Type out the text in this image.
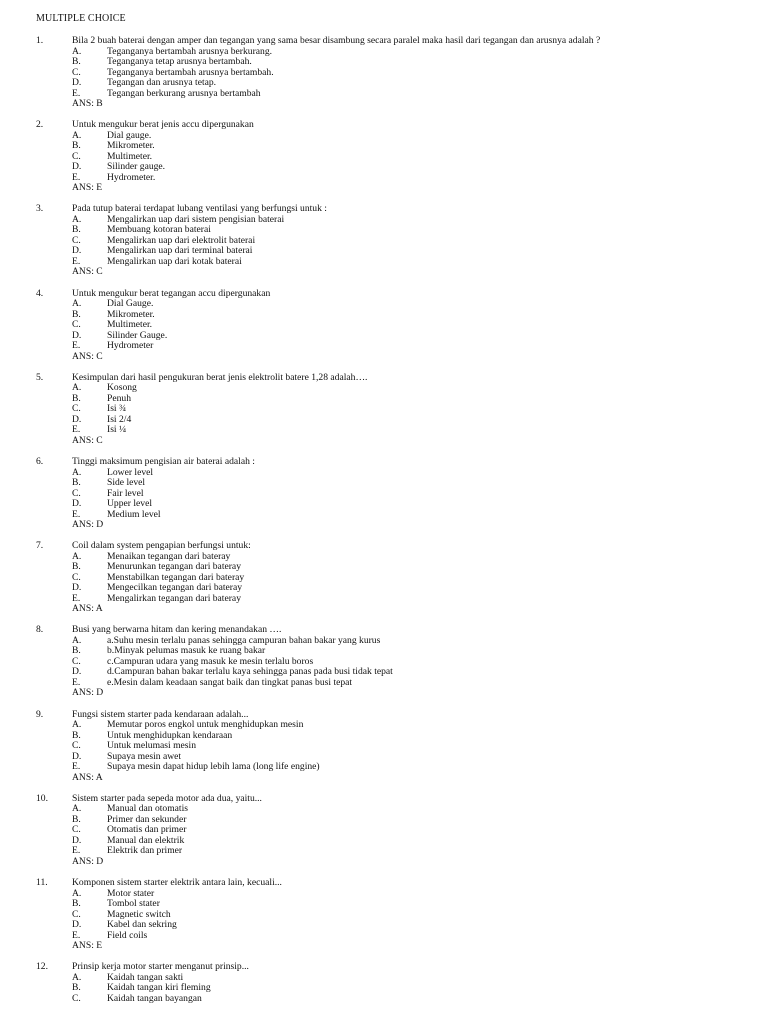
MULTIPLE CHOICE
1.	Bila 2 buah baterai dengan amper dan tegangan yang sama besar disambung secara paralel maka hasil dari tegangan dan arusnya adalah ?
A.	Teganganya bertambah arusnya berkurang.
B.	Teganganya tetap arusnya bertambah.
C.	Teganganya bertambah arusnya bertambah.
D.	Tegangan dan arusnya tetap.
E.	Tegangan berkurang arusnya bertambah
ANS: B
2.	Untuk mengukur berat jenis accu dipergunakan
A.	Dial gauge.
B.	Mikrometer.
C.	Multimeter.
D.	Silinder gauge.
E.	Hydrometer.
ANS: E
3.	Pada tutup baterai terdapat lubang ventilasi yang berfungsi untuk :
A.	Mengalirkan uap dari sistem pengisian baterai
B.	Membuang kotoran baterai
C.	Mengalirkan uap dari elektrolit baterai
D.	Mengalirkan uap dari terminal baterai
E.	Mengalirkan uap dari kotak baterai
ANS: C
4.	Untuk mengukur berat tegangan accu dipergunakan
A.	Dial Gauge.
B.	Mikrometer.
C.	Multimeter.
D.	Silinder Gauge.
E.	Hydrometer
ANS: C
5.	Kesimpulan dari hasil pengukuran berat jenis elektrolit batere 1,28 adalah….
A.	Kosong
B.	Penuh
C.	Isi ¾
D.	Isi 2/4
E.	Isi ¼
ANS: C
6.	Tinggi maksimum pengisian air baterai adalah :
A.	Lower level
B.	Side level
C.	Fair level
D.	Upper level
E.	Medium level
ANS: D
7.	Coil dalam system pengapian berfungsi untuk:
A.	Menaikan tegangan dari bateray
B.	Menurunkan tegangan dari bateray
C.	Menstabilkan tegangan dari bateray
D.	Mengecilkan tegangan dari bateray
E.	Mengalirkan tegangan dari bateray
ANS: A
8.	Busi yang berwarna hitam dan kering menandakan ….
A.	a.Suhu mesin terlalu panas sehingga campuran bahan bakar yang kurus
B.	b.Minyak pelumas masuk ke ruang bakar
C.	c.Campuran udara yang masuk ke mesin terlalu boros
D.	d.Campuran bahan bakar terlalu kaya sehingga panas pada busi tidak tepat
E.	e.Mesin dalam keadaan sangat baik dan tingkat panas busi tepat
ANS: D
9.	Fungsi sistem starter pada kendaraan adalah...
A.	Memutar poros engkol untuk menghidupkan mesin
B.	Untuk menghidupkan kendaraan
C.	Untuk melumasi mesin
D.	Supaya mesin awet
E.	Supaya mesin dapat hidup lebih lama (long life engine)
ANS: A
10.	Sistem starter pada sepeda motor ada dua, yaitu...
A.	Manual dan otomatis
B.	Primer dan sekunder
C.	Otomatis dan primer
D.	Manual dan elektrik
E.	Elektrik dan primer
ANS: D
11.	Komponen sistem starter elektrik antara lain, kecuali...
A.	Motor stater
B.	Tombol stater
C.	Magnetic switch
D.	Kabel dan sekring
E.	Field coils
ANS: E
12.	Prinsip kerja motor starter menganut prinsip...
A.	Kaidah tangan sakti
B.	Kaidah tangan kiri fleming
C.	Kaidah tangan bayangan
